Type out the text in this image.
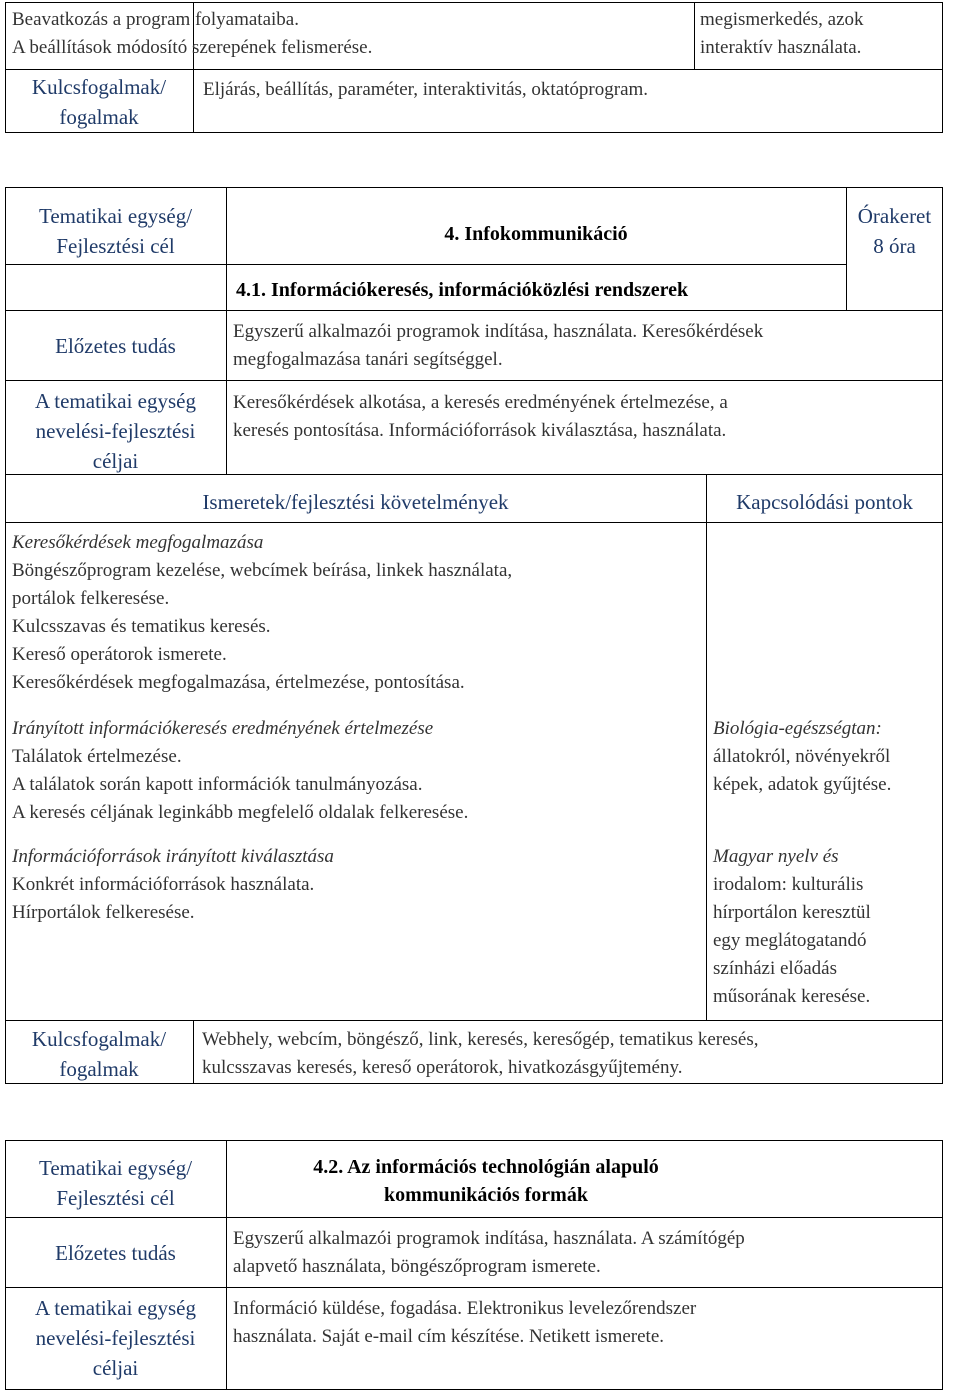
Beavatkozás a program folyamataiba.
A beállítások módosító szerepének felismerése.
megismerkedés, azok
interaktív használata.
Kulcsfogalmak/
fogalmak
Eljárás, beállítás, paraméter, interaktivitás, oktatóprogram.
Tematikai egység/
Fejlesztési cél
Előzetes tudás
A tematikai egység
nevelési-fejlesztési
céljai
Órakeret
8 óra
4. Infokommunikáció
4.1. Információkeresés, információközlési rendszerek
Egyszerű alkalmazói programok indítása, használata. Keresőkérdések
megfogalmazása tanári segítséggel.
Keresőkérdések alkotása, a keresés eredményének értelmezése, a
keresés pontosítása. Információforrások kiválasztása, használata.
Ismeretek/fejlesztési követelmények	Kapcsolódási pontok
Keresőkérdések megfogalmazása
Böngészőprogram kezelése, webcímek beírása, linkek használata,
portálok felkeresése.
Kulcsszavas és tematikus keresés.
Kereső operátorok ismerete.
Keresőkérdések megfogalmazása, értelmezése, pontosítása.
Irányított információkeresés eredményének értelmezése
Találatok értelmezése.
A találatok során kapott információk tanulmányozása.
A keresés céljának leginkább megfelelő oldalak felkeresése.
Információforrások irányított kiválasztása
Konkrét információforrások használata.
Hírportálok felkeresése.
Biológia-egészségtan:
állatokról, növényekről
képek, adatok gyűjtése.
Magyar nyelv és
irodalom: kulturális
hírportálon keresztül
egy meglátogatandó
színházi előadás
műsorának keresése.
Kulcsfogalmak/
fogalmak
Webhely, webcím, böngésző, link, keresés, keresőgép, tematikus keresés,
kulcsszavas keresés, kereső operátorok, hivatkozásgyűjtemény.
Tematikai egység/
Fejlesztési cél
Előzetes tudás
A tematikai egység
nevelési-fejlesztési
céljai
4.2. Az információs technológián alapuló
kommunikációs formák
Egyszerű alkalmazói programok indítása, használata. A számítógép
alapvető használata, böngészőprogram ismerete.
Információ küldése, fogadása. Elektronikus levelezőrendszer
használata. Saját e-mail cím készítése. Netikett ismerete.
